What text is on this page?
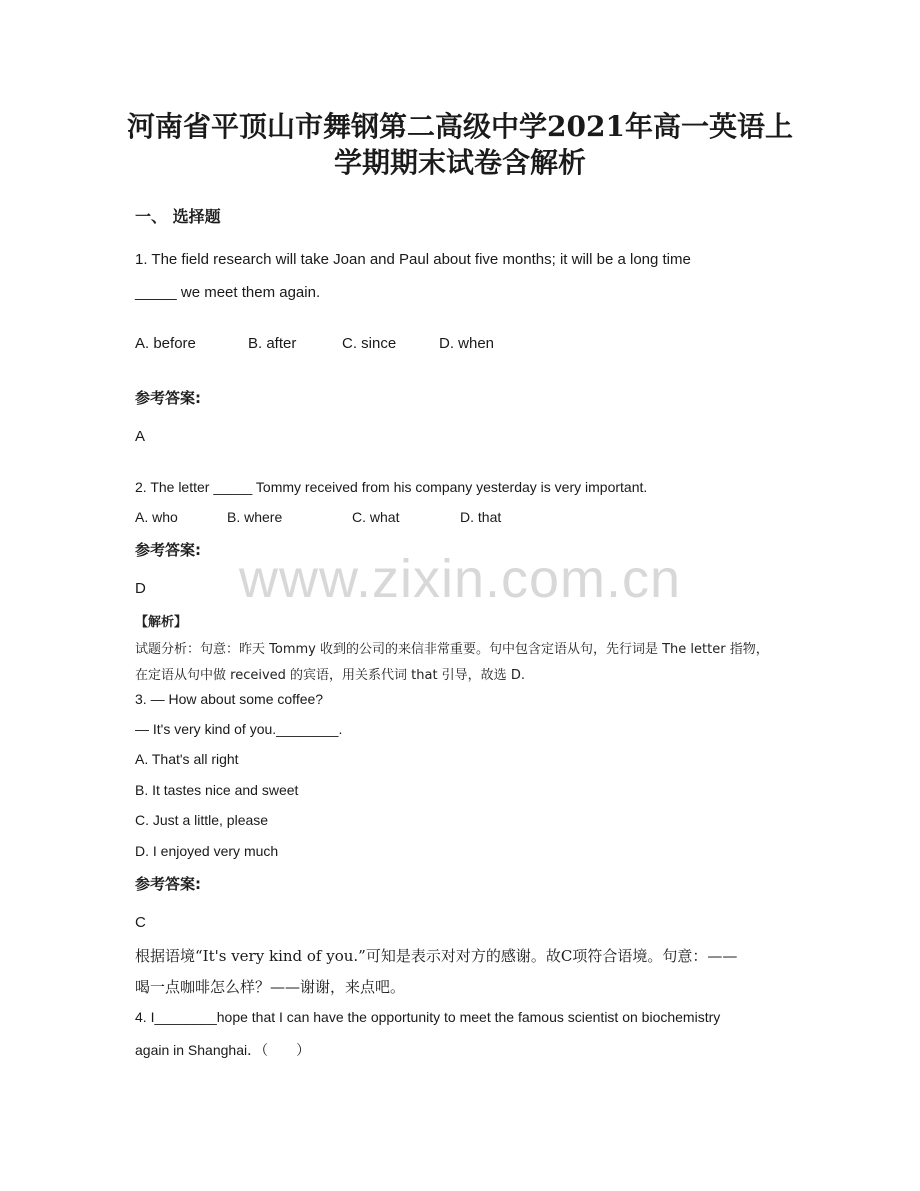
www.zixin.com.cn
河南省平顶山市舞钢第二高级中学2021年高一英语上
学期期末试卷含解析
一、 选择题
1. The field research will take Joan and Paul about five months; it will be a long time
_____ we meet them again.
A. before	B. after	C. since	D. when
参考答案:
A
2. The letter _____ Tommy received from his company yesterday is very important.
A. who	B. where	C. what	D. that
参考答案:
D
【解析】
试题分析：句意：昨天 Tommy 收到的公司的来信非常重要。句中包含定语从句，先行词是 The letter 指物，
在定语从句中做 received 的宾语，用关系代词 that 引导，故选 D.
3. — How about some coffee?
— It's very kind of you.________.
A. That's all right
B. It tastes nice and sweet
C. Just a little, please
D. I enjoyed very much
参考答案:
C
根据语境“It's very kind of you.”可知是表示对对方的感谢。故C项符合语境。句意：——
喝一点咖啡怎么样？——谢谢，来点吧。
4. I________hope that I can have the opportunity to meet the famous scientist on biochemistry
again in Shanghai．（　　）
